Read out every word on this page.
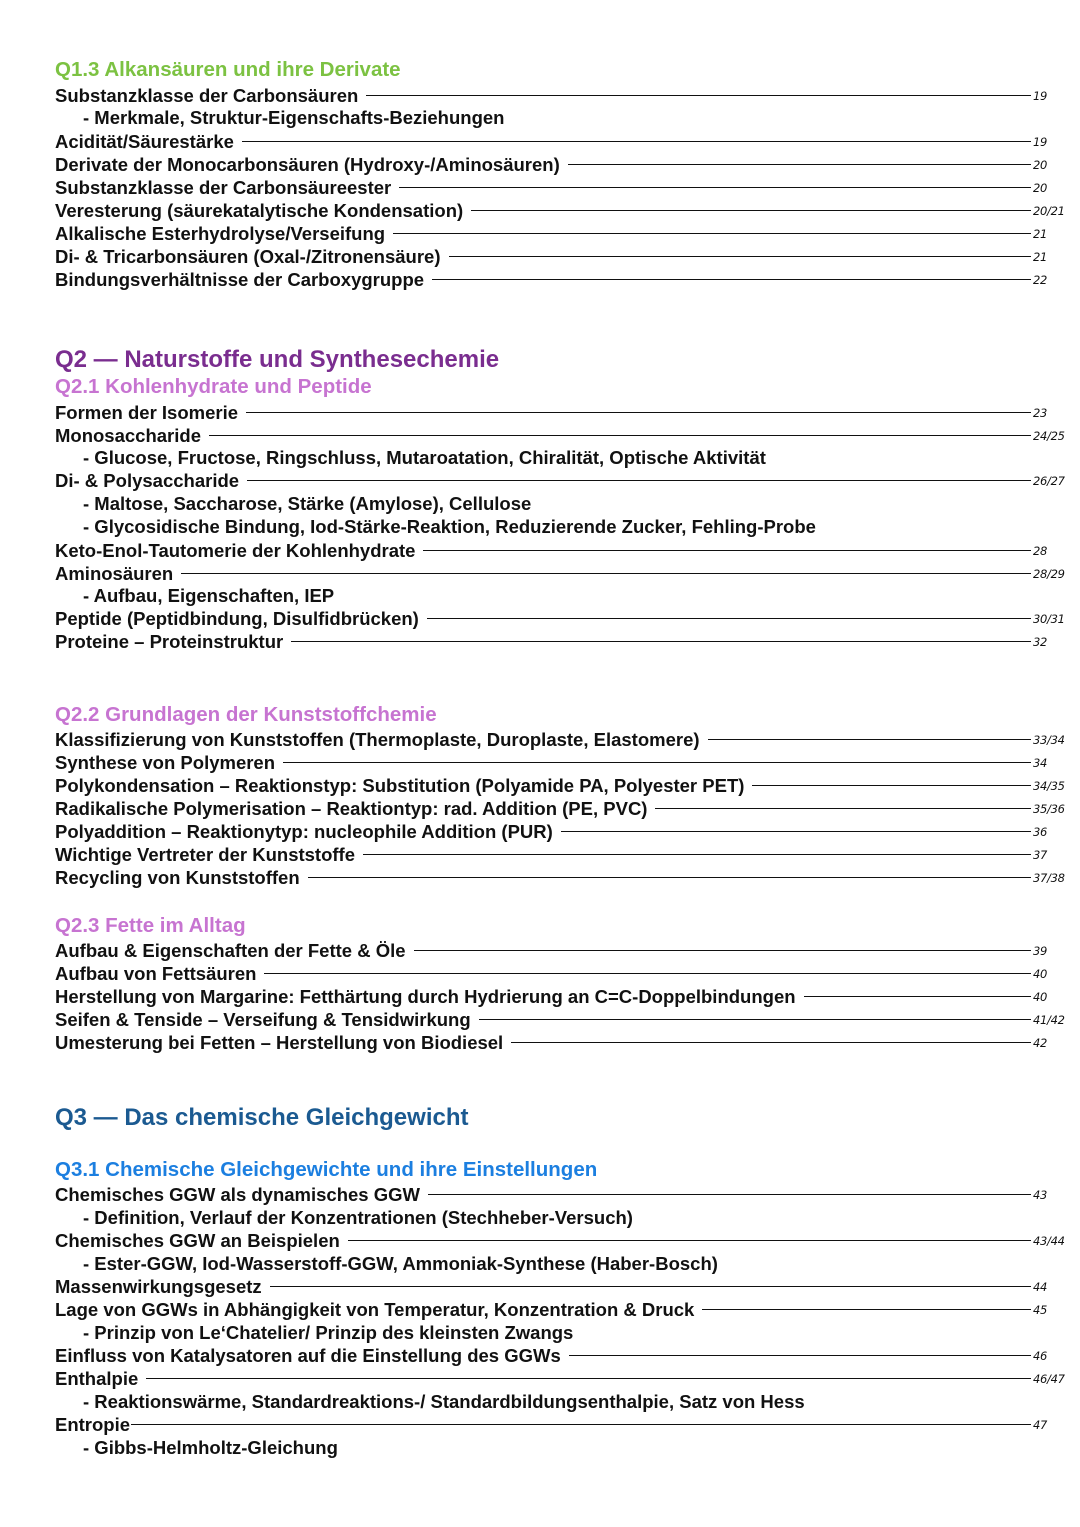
Q1.3 Alkansäuren und ihre Derivate
Substanzklasse der Carbonsäuren	19
- Merkmale, Struktur-Eigenschafts-Beziehungen
Acidität/Säurestärke	19
Derivate der Monocarbonsäuren (Hydroxy-/Aminosäuren)	20
Substanzklasse der Carbonsäureester	20
Veresterung (säurekatalytische Kondensation)	20/21
Alkalische Esterhydrolyse/Verseifung	21
Di- & Tricarbonsäuren (Oxal-/Zitronensäure)	21
Bindungsverhältnisse der Carboxygruppe	22
Q2 — Naturstoffe und Synthesechemie
Q2.1 Kohlenhydrate und Peptide
Formen der Isomerie	23
Monosaccharide	24/25
- Glucose, Fructose, Ringschluss, Mutaroatation, Chiralität, Optische Aktivität
Di- & Polysaccharide	26/27
- Maltose, Saccharose, Stärke (Amylose), Cellulose
- Glycosidische Bindung, Iod-Stärke-Reaktion, Reduzierende Zucker, Fehling-Probe
Keto-Enol-Tautomerie der Kohlenhydrate	28
Aminosäuren	28/29
- Aufbau, Eigenschaften, IEP
Peptide (Peptidbindung, Disulfidbrücken)	30/31
Proteine – Proteinstruktur	32
Q2.2 Grundlagen der Kunststoffchemie
Klassifizierung von Kunststoffen (Thermoplaste, Duroplaste, Elastomere)	33/34
Synthese von Polymeren	34
Polykondensation – Reaktionstyp: Substitution (Polyamide PA, Polyester PET)	34/35
Radikalische Polymerisation – Reaktiontyp: rad. Addition (PE, PVC)	35/36
Polyaddition – Reaktionytyp: nucleophile Addition (PUR)	36
Wichtige Vertreter der Kunststoffe	37
Recycling von Kunststoffen	37/38
Q2.3 Fette im Alltag
Aufbau & Eigenschaften der Fette & Öle	39
Aufbau von Fettsäuren	40
Herstellung von Margarine: Fetthärtung durch Hydrierung an C=C-Doppelbindungen	40
Seifen & Tenside – Verseifung & Tensidwirkung	41/42
Umesterung bei Fetten – Herstellung von Biodiesel	42
Q3 — Das chemische Gleichgewicht
Q3.1 Chemische Gleichgewichte und ihre Einstellungen
Chemisches GGW als dynamisches GGW	43
- Definition, Verlauf der Konzentrationen (Stechheber-Versuch)
Chemisches GGW an Beispielen	43/44
- Ester-GGW, Iod-Wasserstoff-GGW, Ammoniak-Synthese (Haber-Bosch)
Massenwirkungsgesetz	44
Lage von GGWs in Abhängigkeit von Temperatur, Konzentration & Druck	45
- Prinzip von Le‘Chatelier/ Prinzip des kleinsten Zwangs
Einfluss von Katalysatoren auf die Einstellung des GGWs	46
Enthalpie	46/47
- Reaktionswärme, Standardreaktions-/ Standardbildungsenthalpie, Satz von Hess
Entropie	47
- Gibbs-Helmholtz-Gleichung
